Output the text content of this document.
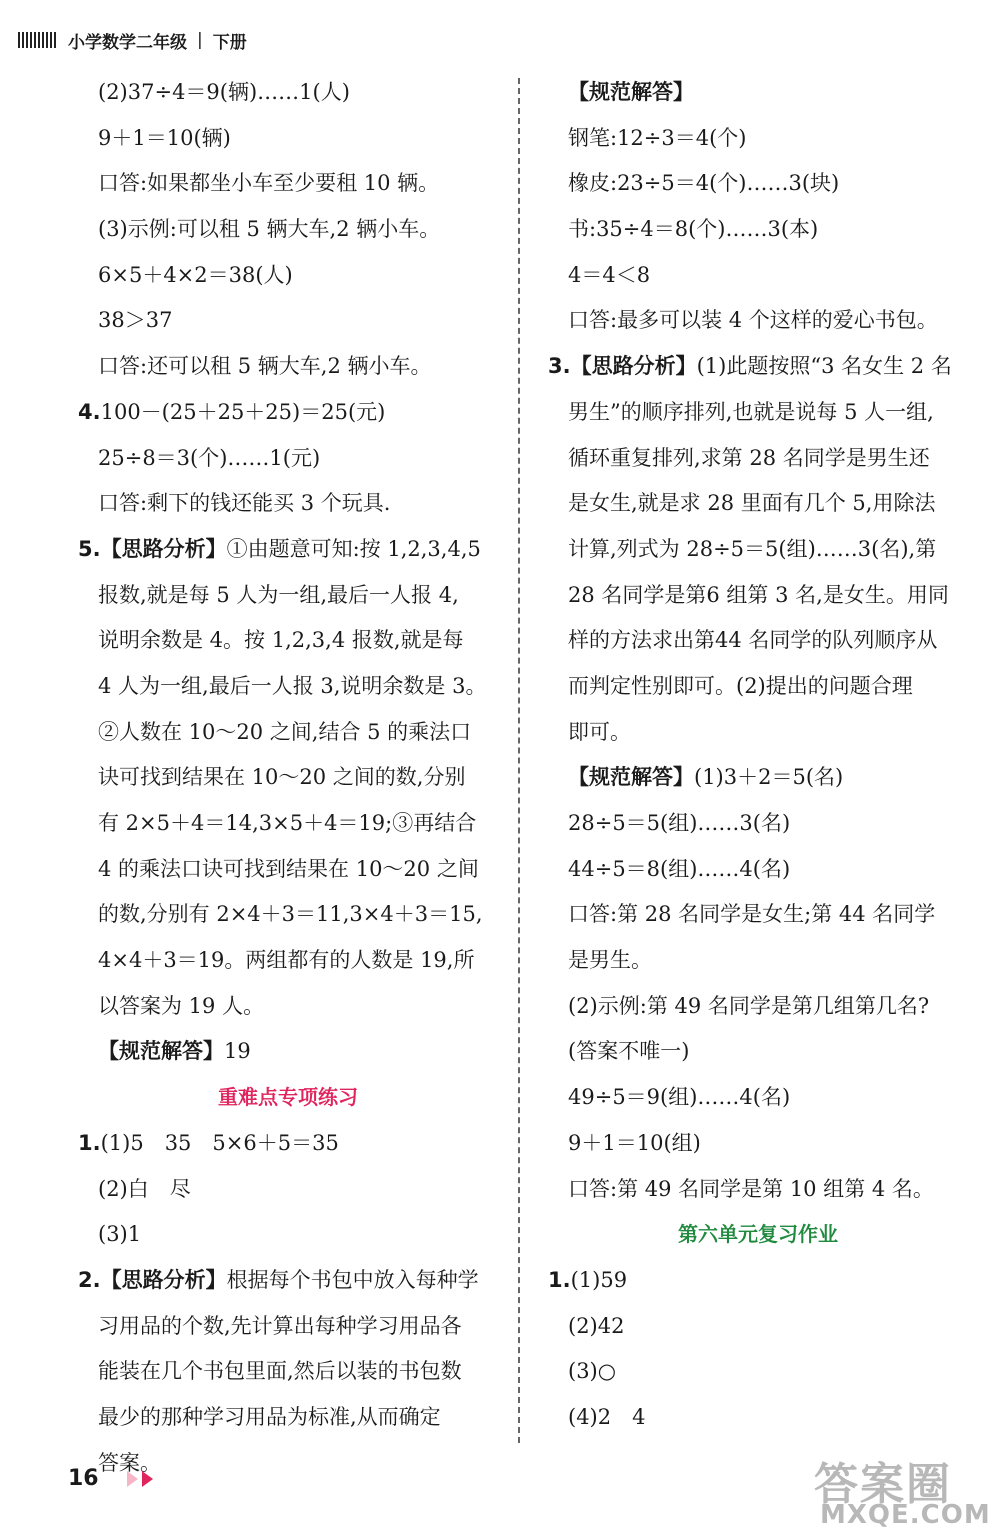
小学数学二年级 | 下册
(2)37÷4＝9(辆)……1(人)
9＋1＝10(辆)
口答:如果都坐小车至少要租 10 辆。
(3)示例:可以租 5 辆大车,2 辆小车。
6×5＋4×2＝38(人)
38＞37
口答:还可以租 5 辆大车,2 辆小车。
4.100－(25＋25＋25)＝25(元)
25÷8＝3(个)……1(元)
口答:剩下的钱还能买 3 个玩具.
5.【思路分析】①由题意可知:按 1,2,3,4,5
报数,就是每 5 人为一组,最后一人报 4,
说明余数是 4。按 1,2,3,4 报数,就是每
4 人为一组,最后一人报 3,说明余数是 3。
②人数在 10～20 之间,结合 5 的乘法口
诀可找到结果在 10～20 之间的数,分别
有 2×5＋4＝14,3×5＋4＝19;③再结合
4 的乘法口诀可找到结果在 10～20 之间
的数,分别有 2×4＋3＝11,3×4＋3＝15,
4×4＋3＝19。两组都有的人数是 19,所
以答案为 19 人。
【规范解答】19
重难点专项练习
1.(1)5　35　5×6＋5＝35
(2)白　尽
(3)1
2.【思路分析】根据每个书包中放入每种学
习用品的个数,先计算出每种学习用品各
能装在几个书包里面,然后以装的书包数
最少的那种学习用品为标准,从而确定
答案。
【规范解答】
钢笔:12÷3＝4(个)
橡皮:23÷5＝4(个)……3(块)
书:35÷4＝8(个)……3(本)
4＝4＜8
口答:最多可以装 4 个这样的爱心书包。
3.【思路分析】(1)此题按照“3 名女生 2 名
男生”的顺序排列,也就是说每 5 人一组,
循环重复排列,求第 28 名同学是男生还
是女生,就是求 28 里面有几个 5,用除法
计算,列式为 28÷5＝5(组)……3(名),第
28 名同学是第6 组第 3 名,是女生。用同
样的方法求出第44 名同学的队列顺序从
而判定性别即可。(2)提出的问题合理
即可。
【规范解答】(1)3＋2＝5(名)
28÷5＝5(组)……3(名)
44÷5＝8(组)……4(名)
口答:第 28 名同学是女生;第 44 名同学
是男生。
(2)示例:第 49 名同学是第几组第几名?
(答案不唯一)
49÷5＝9(组)……4(名)
9＋1＝10(组)
口答:第 49 名同学是第 10 组第 4 名。
第六单元复习作业
1.(1)59
(2)42
(3)○
(4)2　4
16	答案圈
MXQE.COM
